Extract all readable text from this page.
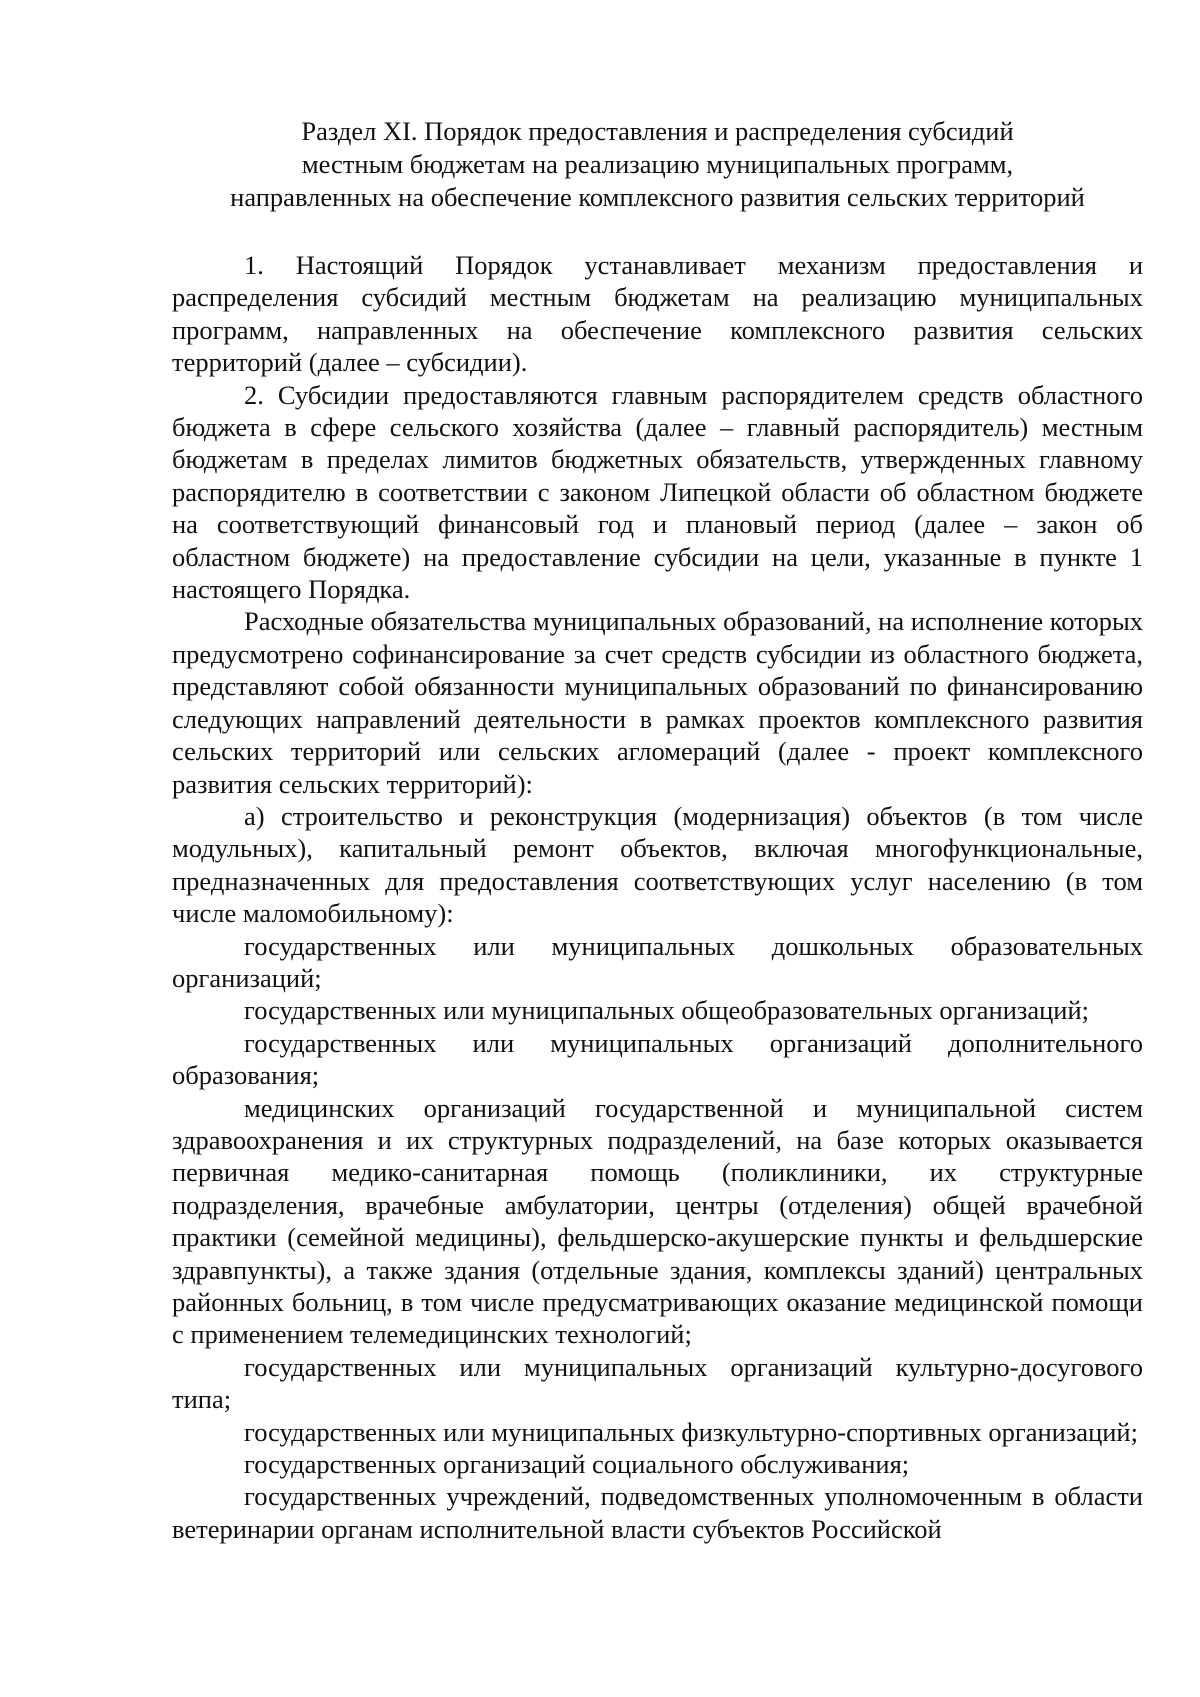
Раздел XI. Порядок предоставления и распределения субсидий
местным бюджетам на реализацию муниципальных программ,
направленных на обеспечение комплексного развития сельских территорий

1. Настоящий Порядок устанавливает механизм предоставления и распределения субсидий местным бюджетам на реализацию муниципальных программ, направленных на обеспечение комплексного развития сельских территорий (далее – субсидии).

2. Субсидии предоставляются главным распорядителем средств областного бюджета в сфере сельского хозяйства (далее – главный распорядитель) местным бюджетам в пределах лимитов бюджетных обязательств, утвержденных главному распорядителю в соответствии с законом Липецкой области об областном бюджете на соответствующий финансовый год и плановый период (далее – закон об областном бюджете) на предоставление субсидии на цели, указанные в пункте 1 настоящего Порядка.

Расходные обязательства муниципальных образований, на исполнение которых предусмотрено софинансирование за счет средств субсидии из областного бюджета, представляют собой обязанности муниципальных образований по финансированию следующих направлений деятельности в рамках проектов комплексного развития сельских территорий или сельских агломераций (далее - проект комплексного развития сельских территорий):

а) строительство и реконструкция (модернизация) объектов (в том числе модульных), капитальный ремонт объектов, включая многофункциональные, предназначенных для предоставления соответствующих услуг населению (в том числе маломобильному):

государственных или муниципальных дошкольных образовательных организаций;

государственных или муниципальных общеобразовательных организаций;

государственных или муниципальных организаций дополнительного образования;

медицинских организаций государственной и муниципальной систем здравоохранения и их структурных подразделений, на базе которых оказывается первичная медико-санитарная помощь (поликлиники, их структурные подразделения, врачебные амбулатории, центры (отделения) общей врачебной практики (семейной медицины), фельдшерско-акушерские пункты и фельдшерские здравпункты), а также здания (отдельные здания, комплексы зданий) центральных районных больниц, в том числе предусматривающих оказание медицинской помощи с применением телемедицинских технологий;

государственных или муниципальных организаций культурно-досугового типа;

государственных или муниципальных физкультурно-спортивных организаций;

государственных организаций социального обслуживания;

государственных учреждений, подведомственных уполномоченным в области ветеринарии органам исполнительной власти субъектов Российской
